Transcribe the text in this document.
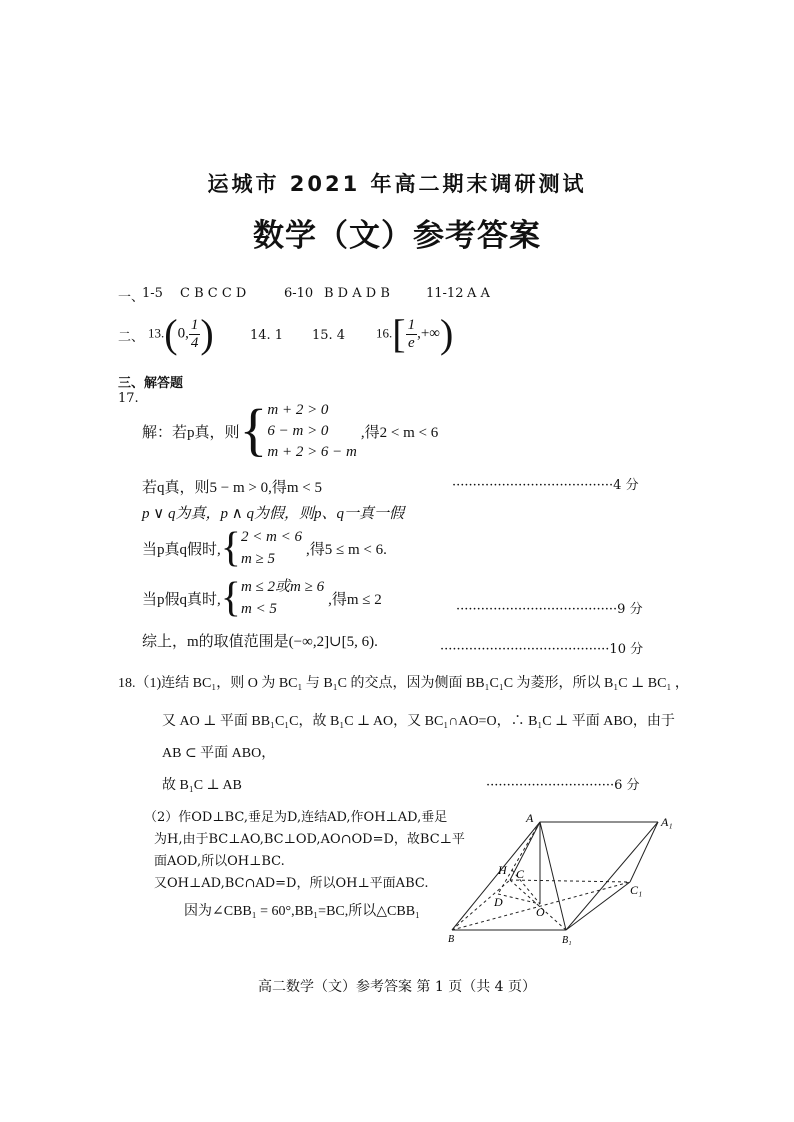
运城市 2021 年高二期末调研测试
数学（文）参考答案
一、
1-5 C B C C D	6-10 B D A D B	11-12 A A
二、 13.(0, $\frac{1}{4}$ )	14. 1 15. 4 $16.[ \frac{1}{e}$ ,+∞)
三、解答题
17.
解：若p真，则 { m + 2 > 0
6 − m > 0
m + 2 > 6 − m
,得2 < m < 6
若q真，则5 − m > 0,得m < 5	·······································4 分
p ∨ q为真，p ∧ q为假，则p、q一真一假
当p真q假时, { 2 < m < 6
m ≥ 5
,得5 ≤ m < 6.
当p假q真时, { m ≤ 2或m ≥ 6
m < 5
,得m ≤ 2
·······································9 分
综上，m的取值范围是(−∞,2]∪[5, 6).	·········································10 分
18.（1)连结 BC₁，则 O 为 BC₁ 与 B₁C 的交点，因为侧面 BB₁C₁C 为菱形，所以 B₁C ⊥ BC₁ ，
又 AO ⊥ 平面 BB₁C₁C，故 B₁C ⊥ AO，又 BC₁∩AO=O，∴ B₁C ⊥ 平面 ABO，由于
AB ⊂ 平面 ABO，
故 B₁C ⊥ AB	·······························6 分
（2）作OD⊥BC,垂足为D,连结AD,作OH⊥AD,垂足
为H,由于BC⊥AO,BC⊥OD,AO∩OD=D，故BC⊥平
面AOD,所以OH⊥BC.
又OH⊥AD,BC∩AD=D，所以OH⊥平面ABC.
因为∠CBB₁ = 60°,BB₁=BC,所以△CBB₁
A	A₁
H C
C₁
D
O
B	B₁
高二数学（文）参考答案 第 1 页（共 4 页）
